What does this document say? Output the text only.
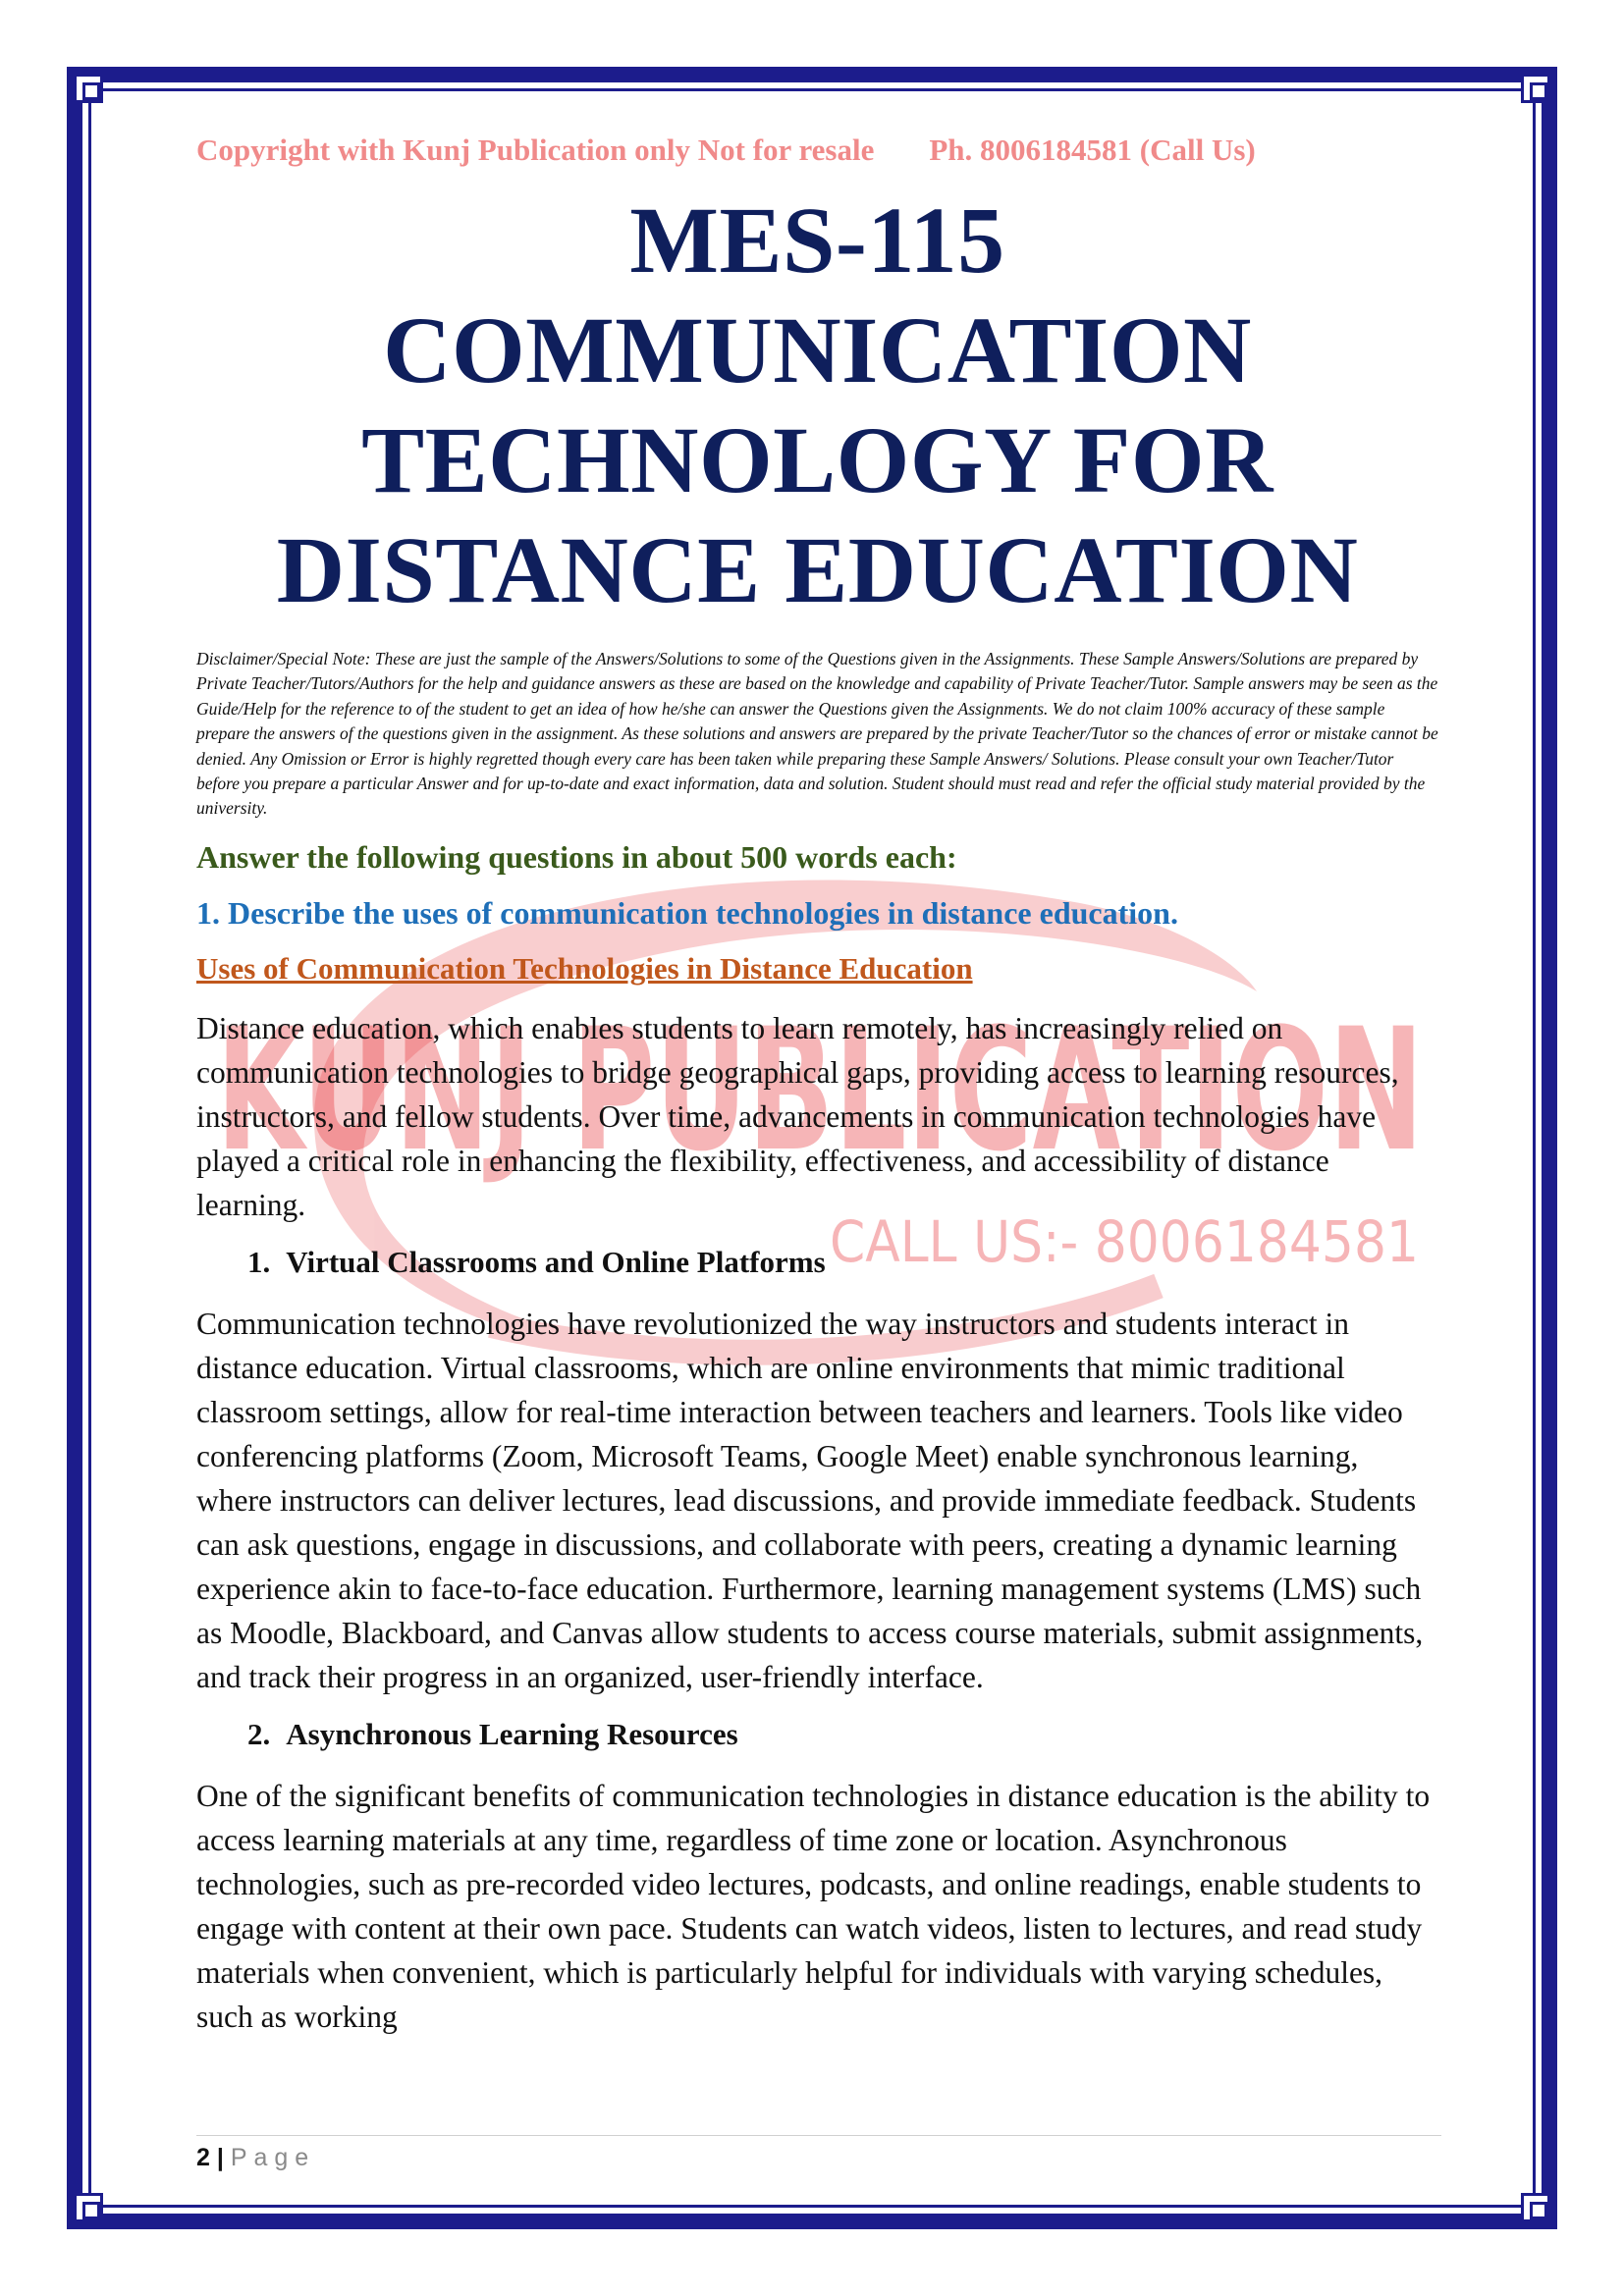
KUNJ PUBLICATION
CALL US:- 8006184581
Copyright with Kunj Publication only Not for resale Ph. 8006184581 (Call Us)
MES-115 COMMUNICATION
TECHNOLOGY FOR
DISTANCE EDUCATION

Disclaimer/Special Note: These are just the sample of the Answers/Solutions to some of the Questions given in the Assignments. These Sample Answers/Solutions are prepared by Private Teacher/Tutors/Authors for the help and guidance answers as these are based on the knowledge and capability of Private Teacher/Tutor. Sample answers may be seen as the Guide/Help for the reference to of the student to get an idea of how he/she can answer the Questions given the Assignments. We do not claim 100% accuracy of these sample prepare the answers of the questions given in the assignment. As these solutions and answers are prepared by the private Teacher/Tutor so the chances of error or mistake cannot be denied. Any Omission or Error is highly regretted though every care has been taken while preparing these Sample Answers/ Solutions. Please consult your own Teacher/Tutor before you prepare a particular Answer and for up-to-date and exact information, data and solution. Student should must read and refer the official study material provided by the university.

Answer the following questions in about 500 words each:

1. Describe the uses of communication technologies in distance education.

Uses of Communication Technologies in Distance Education

Distance education, which enables students to learn remotely, has increasingly relied on communication technologies to bridge geographical gaps, providing access to learning resources, instructors, and fellow students. Over time, advancements in communication technologies have played a critical role in enhancing the flexibility, effectiveness, and accessibility of distance learning.

1. Virtual Classrooms and Online Platforms

Communication technologies have revolutionized the way instructors and students interact in distance education. Virtual classrooms, which are online environments that mimic traditional classroom settings, allow for real-time interaction between teachers and learners. Tools like video conferencing platforms (Zoom, Microsoft Teams, Google Meet) enable synchronous learning, where instructors can deliver lectures, lead discussions, and provide immediate feedback. Students can ask questions, engage in discussions, and collaborate with peers, creating a dynamic learning experience akin to face-to-face education. Furthermore, learning management systems (LMS) such as Moodle, Blackboard, and Canvas allow students to access course materials, submit assignments, and track their progress in an organized, user-friendly interface.

2. Asynchronous Learning Resources

One of the significant benefits of communication technologies in distance education is the ability to access learning materials at any time, regardless of time zone or location. Asynchronous technologies, such as pre-recorded video lectures, podcasts, and online readings, enable students to engage with content at their own pace. Students can watch videos, listen to lectures, and read study materials when convenient, which is particularly helpful for individuals with varying schedules, such as working

2 | Page
